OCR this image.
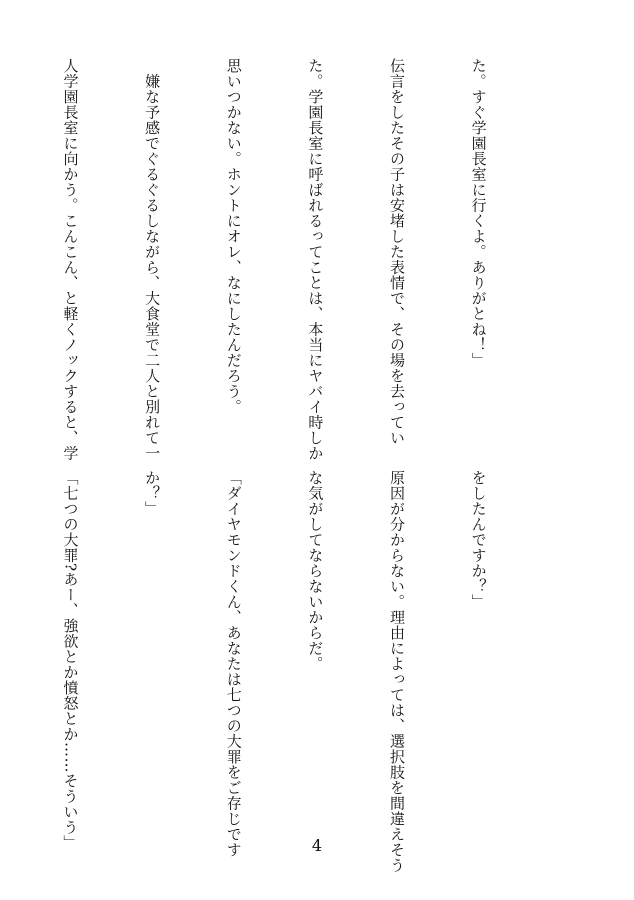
た。すぐ学園長室に行くよ。ありがとね！」

伝言をしたその子は安堵した表情で、その場を去ってい

た。学園長室に呼ばれるってことは、本当にヤバイ時しか

思いつかない。ホントにオレ、なにしたんだろう。

　嫌な予感でぐるぐるしながら、大食堂で二人と別れて一

人学園長室に向かう。こんこん、と軽くノックすると、学

をしたんですか？」

原因が分からない。理由によっては、選択肢を間違えそう

な気がしてならないからだ。

「ダイヤモンドくん、あなたは七つの大罪をご存じです

か？」

「七つの大罪?あー、強欲とか憤怒とか……そういう」

	4
